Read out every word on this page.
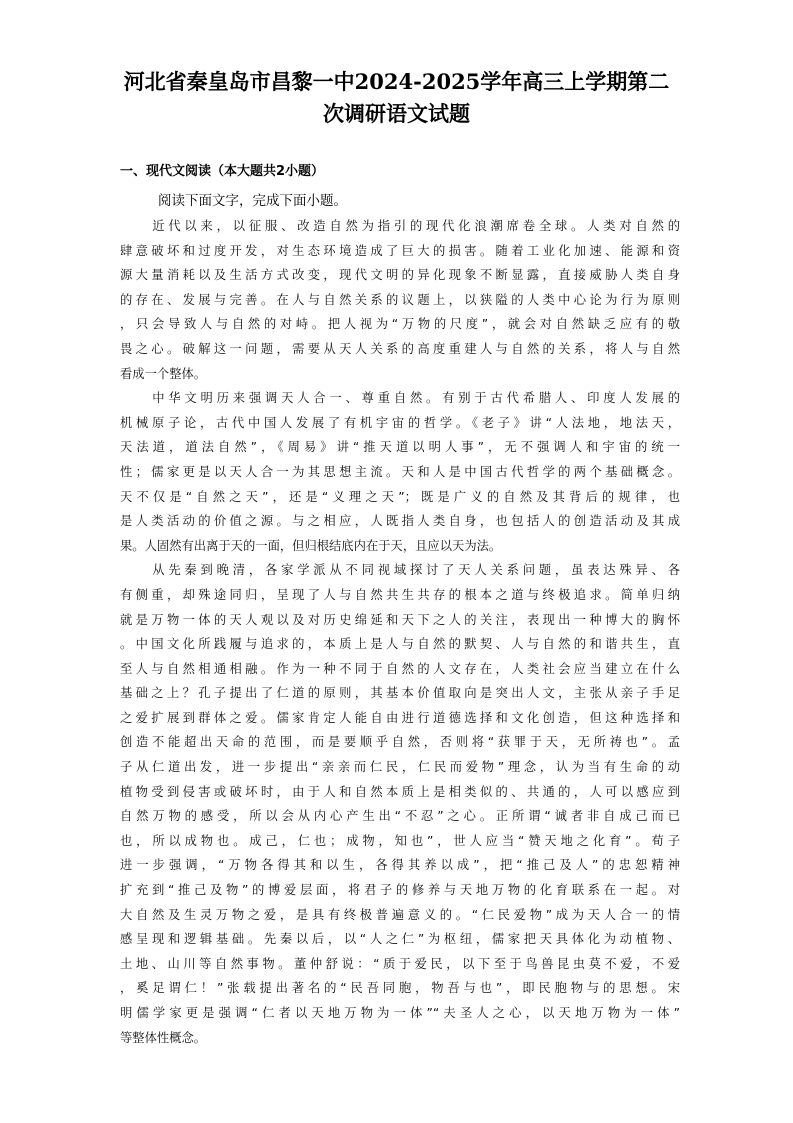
河北省秦皇岛市昌黎一中2024-2025学年高三上学期第二
次调研语文试题
一、现代文阅读（本大题共2小题）
阅读下面文字，完成下面小题。
　　近代以来，以征服、改造自然为指引的现代化浪潮席卷全球。人类对自然的
肆意破坏和过度开发，对生态环境造成了巨大的损害。随着工业化加速、能源和资
源大量消耗以及生活方式改变，现代文明的异化现象不断显露，直接威胁人类自身
的存在、发展与完善。在人与自然关系的议题上，以狭隘的人类中心论为行为原则
，只会导致人与自然的对峙。把人视为“万物的尺度”，就会对自然缺乏应有的敬
畏之心。破解这一问题，需要从天人关系的高度重建人与自然的关系，将人与自然
看成一个整体。
　　中华文明历来强调天人合一、尊重自然。有别于古代希腊人、印度人发展的
机械原子论，古代中国人发展了有机宇宙的哲学。《老子》讲“人法地，地法天，
天法道，道法自然”，《周易》讲“推天道以明人事”，无不强调人和宇宙的统一
性；儒家更是以天人合一为其思想主流。天和人是中国古代哲学的两个基础概念。
天不仅是“自然之天”，还是“义理之天”；既是广义的自然及其背后的规律，也
是人类活动的价值之源。与之相应，人既指人类自身，也包括人的创造活动及其成
果。人固然有出离于天的一面，但归根结底内在于天，且应以天为法。
　　从先秦到晚清，各家学派从不同视域探讨了天人关系问题，虽表达殊异、各
有侧重，却殊途同归，呈现了人与自然共生共存的根本之道与终极追求。简单归纳
就是万物一体的天人观以及对历史绵延和天下之人的关注，表现出一种博大的胸怀
。中国文化所践履与追求的，本质上是人与自然的默契、人与自然的和谐共生，直
至人与自然相通相融。作为一种不同于自然的人文存在，人类社会应当建立在什么
基础之上？孔子提出了仁道的原则，其基本价值取向是突出人文，主张从亲子手足
之爱扩展到群体之爱。儒家肯定人能自由进行道德选择和文化创造，但这种选择和
创造不能超出天命的范围，而是要顺乎自然，否则将“获罪于天，无所祷也”。孟
子从仁道出发，进一步提出“亲亲而仁民，仁民而爱物”理念，认为当有生命的动
植物受到侵害或破坏时，由于人和自然本质上是相类似的、共通的，人可以感应到
自然万物的感受，所以会从内心产生出“不忍”之心。正所谓“诚者非自成己而已
也，所以成物也。成己，仁也；成物，知也”，世人应当“赞天地之化育”。荀子
进一步强调，“万物各得其和以生，各得其养以成”，把“推己及人”的忠恕精神
扩充到“推己及物”的博爱层面，将君子的修养与天地万物的化育联系在一起。对
大自然及生灵万物之爱，是具有终极普遍意义的。“仁民爱物”成为天人合一的情
感呈现和逻辑基础。先秦以后，以“人之仁”为枢纽，儒家把天具体化为动植物、
土地、山川等自然事物。董仲舒说：“质于爱民，以下至于鸟兽昆虫莫不爱，不爱
，奚足谓仁！”张载提出著名的“民吾同胞，物吾与也”，即民胞物与的思想。宋
明儒学家更是强调“仁者以天地万物为一体”“夫圣人之心，以天地万物为一体”
等整体性概念。
